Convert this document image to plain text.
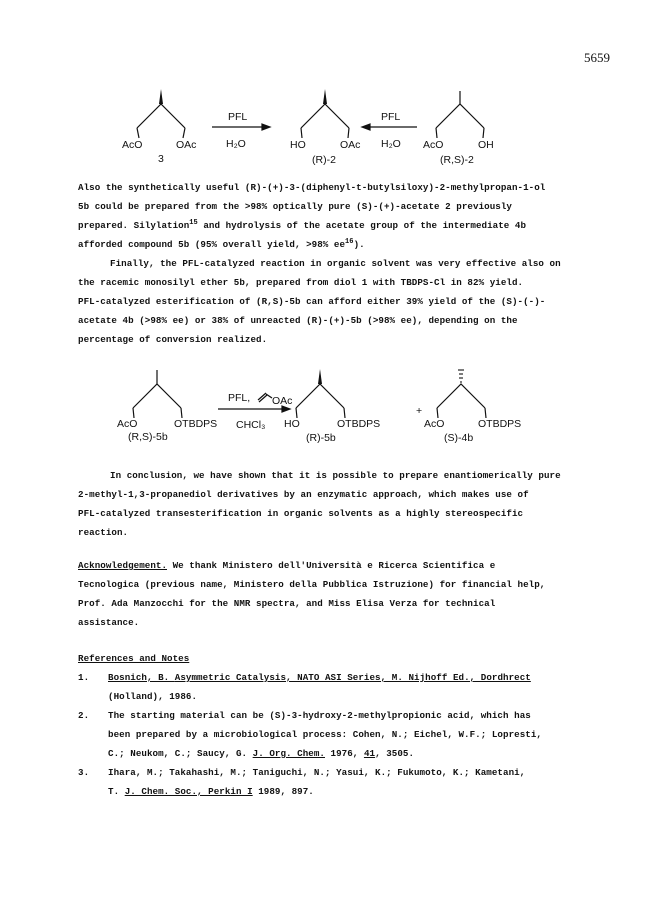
5659
AcO	OAc
3
PFL
H₂O	HO	OAc
(R)-2
PFL
H₂O AcO	OH
(R,S)-2

Also the synthetically useful (R)-(+)-3-(diphenyl-t-butylsiloxy)-2-methylpropan-1-ol

5b could be prepared from the >98% optically pure (S)-(+)-acetate 2 previously

prepared. Silylation$^{15}$ and hydrolysis of the acetate group of the intermediate 4b

afforded compound 5b (95% overall yield, >98% $ee^{16}$).

Finally, the PFL-catalyzed reaction in organic solvent was very effective also on

the racemic monosilyl ether 5b, prepared from diol 1 with TBDPS-Cl in 82% yield.

PFL-catalyzed esterification of (R,S)-5b can afford either 39% yield of the (S)-(-)-

acetate 4b (>98% ee) or 38% of unreacted (R)-(+)-5b (>98% ee), depending on the

percentage of conversion realized.

AcO	OTBDPS
(R,S)-5b
PFL, OAc
CHCl₃ HO	OTBDPS
(R)-5b
+
AcO	OTBDPS
(S)-4b

In conclusion, we have shown that it is possible to prepare enantiomerically pure

2-methyl-1,3-propanediol derivatives by an enzymatic approach, which makes use of

PFL-catalyzed transesterification in organic solvents as a highly stereospecific

reaction.

Acknowledgement. We thank Ministero dell'Università e Ricerca Scientifica e

Tecnologica (previous name, Ministero della Pubblica Istruzione) for financial help,

Prof. Ada Manzocchi for the NMR spectra, and Miss Elisa Verza for technical

assistance.

References and Notes
1. Bosnich, B. Asymmetric Catalysis, NATO ASI Series, M. Nijhoff Ed., Dordhrect
(Holland), 1986.
2. The starting material can be (S)-3-hydroxy-2-methylpropionic acid, which has
been prepared by a microbiological process: Cohen, N.; Eichel, W.F.; Lopresti,
C.; Neukom, C.; Saucy, G. J. Org. Chem. 1976, 41, 3505.
3. Ihara, M.; Takahashi, M.; Taniguchi, N.; Yasui, K.; Fukumoto, K.; Kametani,
T. J. Chem. Soc., Perkin I 1989, 897.
